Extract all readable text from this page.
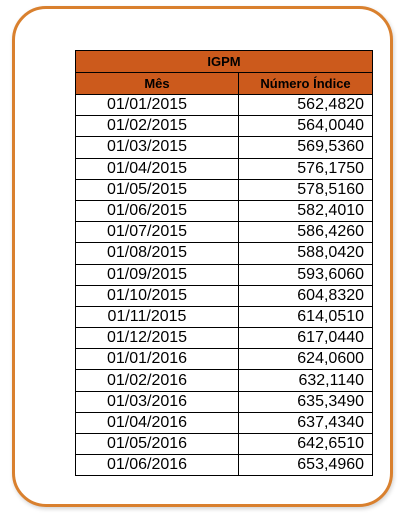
IGPM	
Mês	Número Índice
01/01/2015	562,4820
01/02/2015	564,0040
01/03/2015	569,5360
01/04/2015	576,1750
01/05/2015	578,5160
01/06/2015	582,4010
01/07/2015	586,4260
01/08/2015	588,0420
01/09/2015	593,6060
01/10/2015	604,8320
01/11/2015	614,0510
01/12/2015	617,0440
01/01/2016	624,0600
01/02/2016	632,1140
01/03/2016	635,3490
01/04/2016	637,4340
01/05/2016	642,6510
01/06/2016	653,4960
